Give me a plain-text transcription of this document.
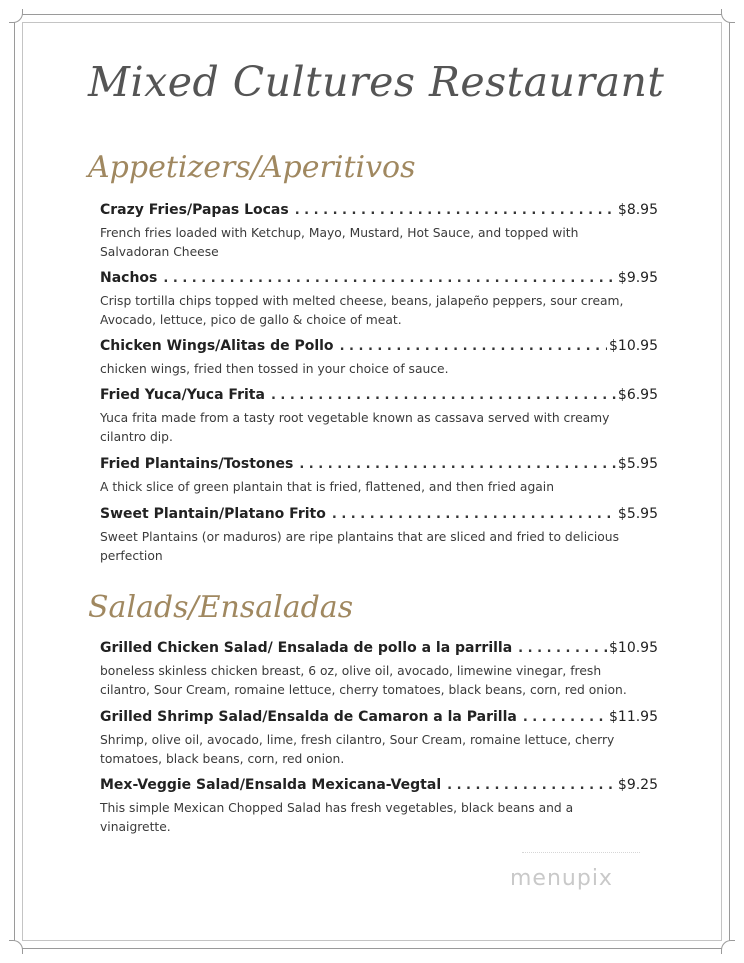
Mixed Cultures Restaurant
Appetizers/Aperitivos
Crazy Fries/Papas Locas . . .	$8.95
French fries loaded with Ketchup, Mayo, Mustard, Hot Sauce, and topped with Salvadoran Cheese
Nachos . . .	$9.95
Crisp tortilla chips topped with melted cheese, beans, jalapeño peppers, sour cream, Avocado, lettuce, pico de gallo & choice of meat.
Chicken Wings/Alitas de Pollo . . .	$10.95
chicken wings, fried then tossed in your choice of sauce.
Fried Yuca/Yuca Frita . . .	$6.95
Yuca frita made from a tasty root vegetable known as cassava served with creamy cilantro dip.
Fried Plantains/Tostones . . .	$5.95
A thick slice of green plantain that is fried, flattened, and then fried again
Sweet Plantain/Platano Frito . . .	$5.95
Sweet Plantains (or maduros) are ripe plantains that are sliced and fried to delicious perfection
Salads/Ensaladas
Grilled Chicken Salad/ Ensalada de pollo a la parrilla . . .	$10.95
boneless skinless chicken breast, 6 oz, olive oil, avocado, limewine vinegar, fresh cilantro, Sour Cream, romaine lettuce, cherry tomatoes, black beans, corn, red onion.
Grilled Shrimp Salad/Ensalda de Camaron a la Parilla . . .	$11.95
Shrimp, olive oil, avocado, lime, fresh cilantro, Sour Cream, romaine lettuce, cherry tomatoes, black beans, corn, red onion.
Mex-Veggie Salad/Ensalda Mexicana-Vegtal . . .	$9.25
This simple Mexican Chopped Salad has fresh vegetables, black beans and a vinaigrette.
menupix
